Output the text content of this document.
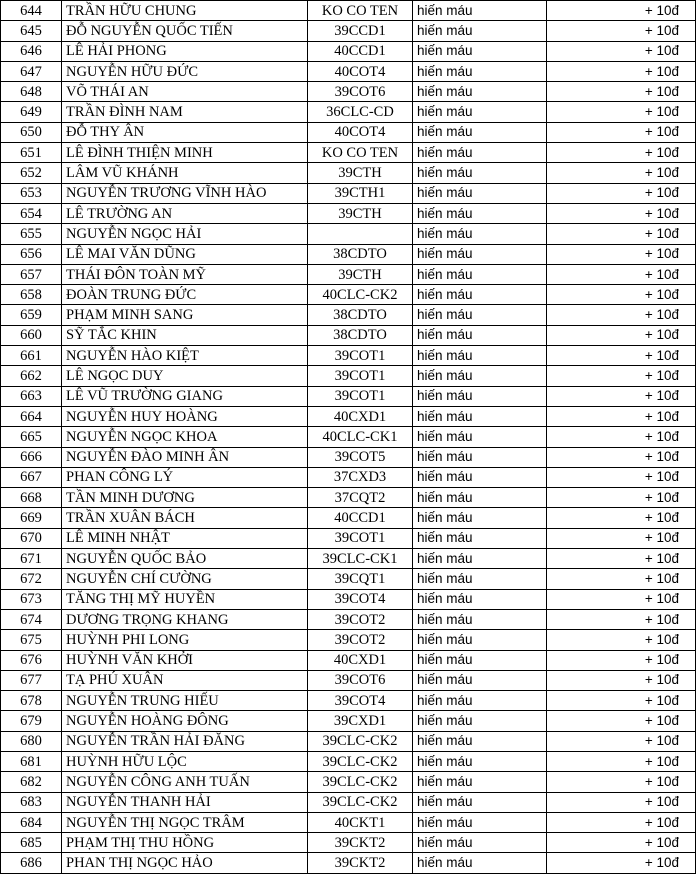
644	TRẦN HỮU CHUNG	KO CO TEN	hiến máu	+ 10đ
645	ĐỖ NGUYỄN QUỐC TIẾN	39CCD1	hiến máu	+ 10đ
646	LÊ HẢI PHONG	40CCD1	hiến máu	+ 10đ
647	NGUYỄN HỮU ĐỨC	40COT4	hiến máu	+ 10đ
648	VÕ THÁI AN	39COT6	hiến máu	+ 10đ
649	TRẦN ĐÌNH NAM	36CLC-CD	hiến máu	+ 10đ
650	ĐỖ THY ÂN	40COT4	hiến máu	+ 10đ
651	LÊ ĐÌNH THIỆN MINH	KO CO TEN	hiến máu	+ 10đ
652	LÂM VŨ KHÁNH	39CTH	hiến máu	+ 10đ
653	NGUYỄN TRƯƠNG VĨNH HÀO	39CTH1	hiến máu	+ 10đ
654	LÊ TRƯỜNG AN	39CTH	hiến máu	+ 10đ
655	NGUYỄN NGỌC HẢI		hiến máu	+ 10đ
656	LÊ MAI VĂN DŨNG	38CDTO	hiến máu	+ 10đ
657	THÁI ĐÔN TOÀN MỸ	39CTH	hiến máu	+ 10đ
658	ĐOÀN TRUNG ĐỨC	40CLC-CK2	hiến máu	+ 10đ
659	PHẠM MINH SANG	38CDTO	hiến máu	+ 10đ
660	SỸ TẮC KHIN	38CDTO	hiến máu	+ 10đ
661	NGUYỄN HÀO KIỆT	39COT1	hiến máu	+ 10đ
662	LÊ NGỌC DUY	39COT1	hiến máu	+ 10đ
663	LÊ VŨ TRƯỜNG GIANG	39COT1	hiến máu	+ 10đ
664	NGUYỄN HUY HOÀNG	40CXD1	hiến máu	+ 10đ
665	NGUYỄN NGỌC KHOA	40CLC-CK1	hiến máu	+ 10đ
666	NGUYỄN ĐÀO MINH ÂN	39COT5	hiến máu	+ 10đ
667	PHAN CÔNG LÝ	37CXD3	hiến máu	+ 10đ
668	TẦN MINH DƯƠNG	37CQT2	hiến máu	+ 10đ
669	TRẦN XUÂN BÁCH	40CCD1	hiến máu	+ 10đ
670	LÊ MINH NHẬT	39COT1	hiến máu	+ 10đ
671	NGUYỄN QUỐC BẢO	39CLC-CK1	hiến máu	+ 10đ
672	NGUYỄN CHÍ CƯỜNG	39CQT1	hiến máu	+ 10đ
673	TĂNG THỊ MỸ HUYỀN	39COT4	hiến máu	+ 10đ
674	DƯƠNG TRỌNG KHANG	39COT2	hiến máu	+ 10đ
675	HUỲNH PHI LONG	39COT2	hiến máu	+ 10đ
676	HUỲNH VĂN KHỞI	40CXD1	hiến máu	+ 10đ
677	TẠ PHÚ XUÂN	39COT6	hiến máu	+ 10đ
678	NGUYỄN TRUNG HIẾU	39COT4	hiến máu	+ 10đ
679	NGUYỄN HOÀNG ĐÔNG	39CXD1	hiến máu	+ 10đ
680	NGUYỄN TRẦN HẢI ĐĂNG	39CLC-CK2	hiến máu	+ 10đ
681	HUỲNH HỮU LỘC	39CLC-CK2	hiến máu	+ 10đ
682	NGUYỄN CÔNG ANH TUẤN	39CLC-CK2	hiến máu	+ 10đ
683	NGUYỄN THANH HẢI	39CLC-CK2	hiến máu	+ 10đ
684	NGUYỄN THỊ NGỌC TRÂM	40CKT1	hiến máu	+ 10đ
685	PHẠM THỊ THU HỒNG	39CKT2	hiến máu	+ 10đ
686	PHAN THỊ NGỌC HẢO	39CKT2	hiến máu	+ 10đ
